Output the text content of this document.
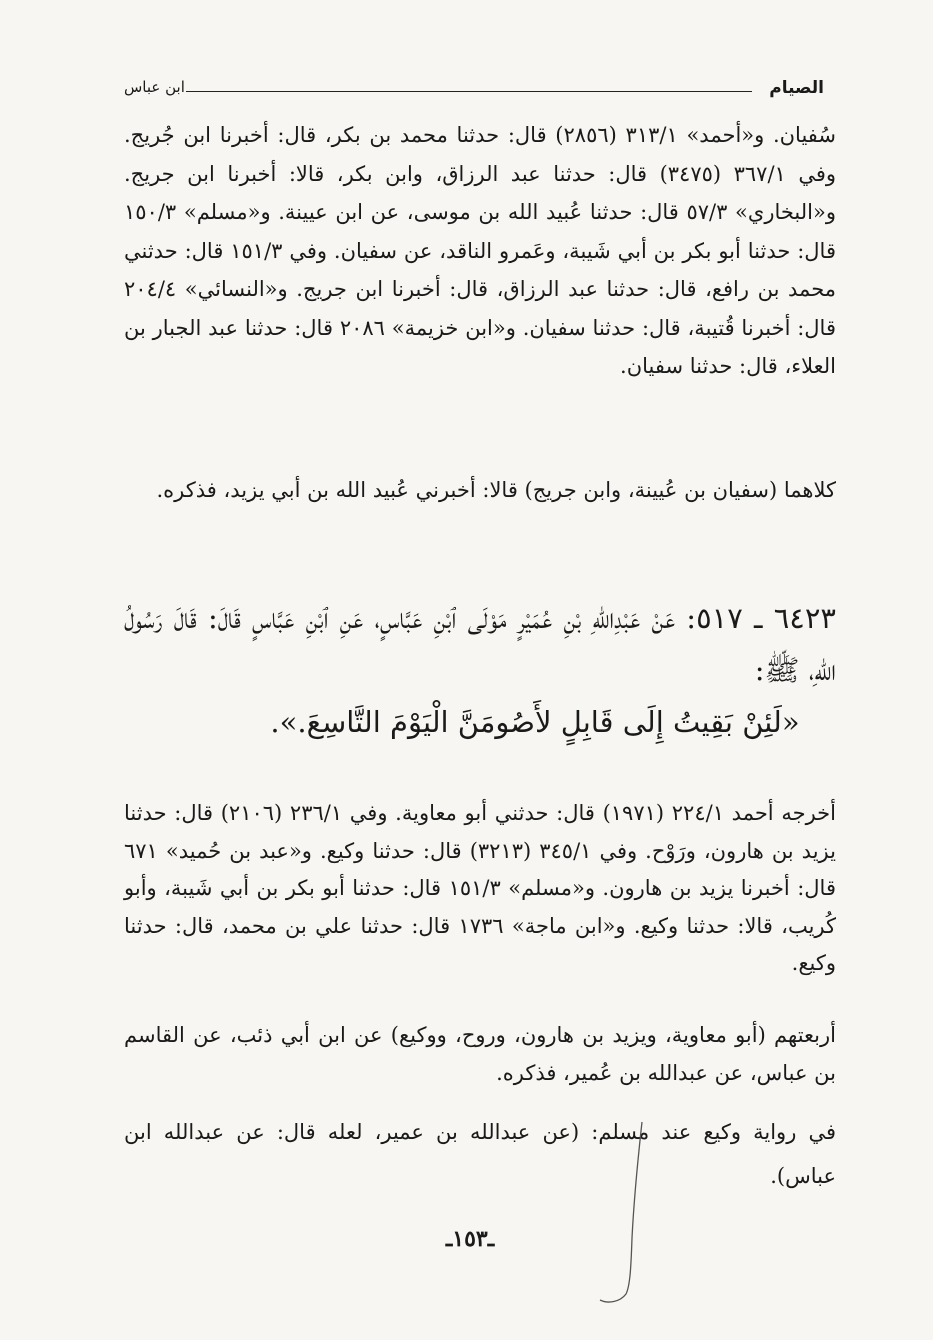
الصيام
ابن عباس

سُفيان. و«أحمد» ٣١٣/١ (٢٨٥٦) قال: حدثنا محمد بن بكر، قال: أخبرنا ابن جُريج. وفي ٣٦٧/١ (٣٤٧٥) قال: حدثنا عبد الرزاق، وابن بكر، قالا: أخبرنا ابن جريج. و«البخاري» ٥٧/٣ قال: حدثنا عُبيد الله بن موسى، عن ابن عيينة. و«مسلم» ١٥٠/٣ قال: حدثنا أبو بكر بن أبي شَيبة، وعَمرو الناقد، عن سفيان. وفي ١٥١/٣ قال: حدثني محمد بن رافع، قال: حدثنا عبد الرزاق، قال: أخبرنا ابن جريج. و«النسائي» ٢٠٤/٤ قال: أخبرنا قُتيبة، قال: حدثنا سفيان. و«ابن خزيمة» ٢٠٨٦ قال: حدثنا عبد الجبار بن العلاء، قال: حدثنا سفيان.

كلاهما (سفيان بن عُيينة، وابن جريج) قالا: أخبرني عُبيد الله بن أبي يزيد، فذكره.

٦٤٢٣ ـ ٥١٧: عَنْ عَبْدِاللّهِ بْنِ عُمَيْرٍ مَوْلَى ٱبْنِ عَبَّاسٍ، عَنِ ٱبْنِ عَبَّاسٍ قَالَ: قَالَ رَسُولُ اللّهِ، ﷺ:

«لَئِنْ بَقِيتُ إِلَى قَابِلٍ لأَصُومَنَّ الْيَوْمَ التَّاسِعَ.».

أخرجه أحمد ٢٢٤/١ (١٩٧١) قال: حدثني أبو معاوية. وفي ٢٣٦/١ (٢١٠٦) قال: حدثنا يزيد بن هارون، ورَوْح. وفي ٣٤٥/١ (٣٢١٣) قال: حدثنا وكيع. و«عبد بن حُميد» ٦٧١ قال: أخبرنا يزيد بن هارون. و«مسلم» ١٥١/٣ قال: حدثنا أبو بكر بن أبي شَيبة، وأبو كُريب، قالا: حدثنا وكيع. و«ابن ماجة» ١٧٣٦ قال: حدثنا علي بن محمد، قال: حدثنا وكيع.

أربعتهم (أبو معاوية، ويزيد بن هارون، وروح، ووكيع) عن ابن أبي ذئب، عن القاسم بن عباس، عن عبدالله بن عُمير، فذكره.

في رواية وكيع عند مسلم: (عن عبدالله بن عمير، لعله قال: عن عبدالله ابن عباس).

ـ١٥٣ـ
